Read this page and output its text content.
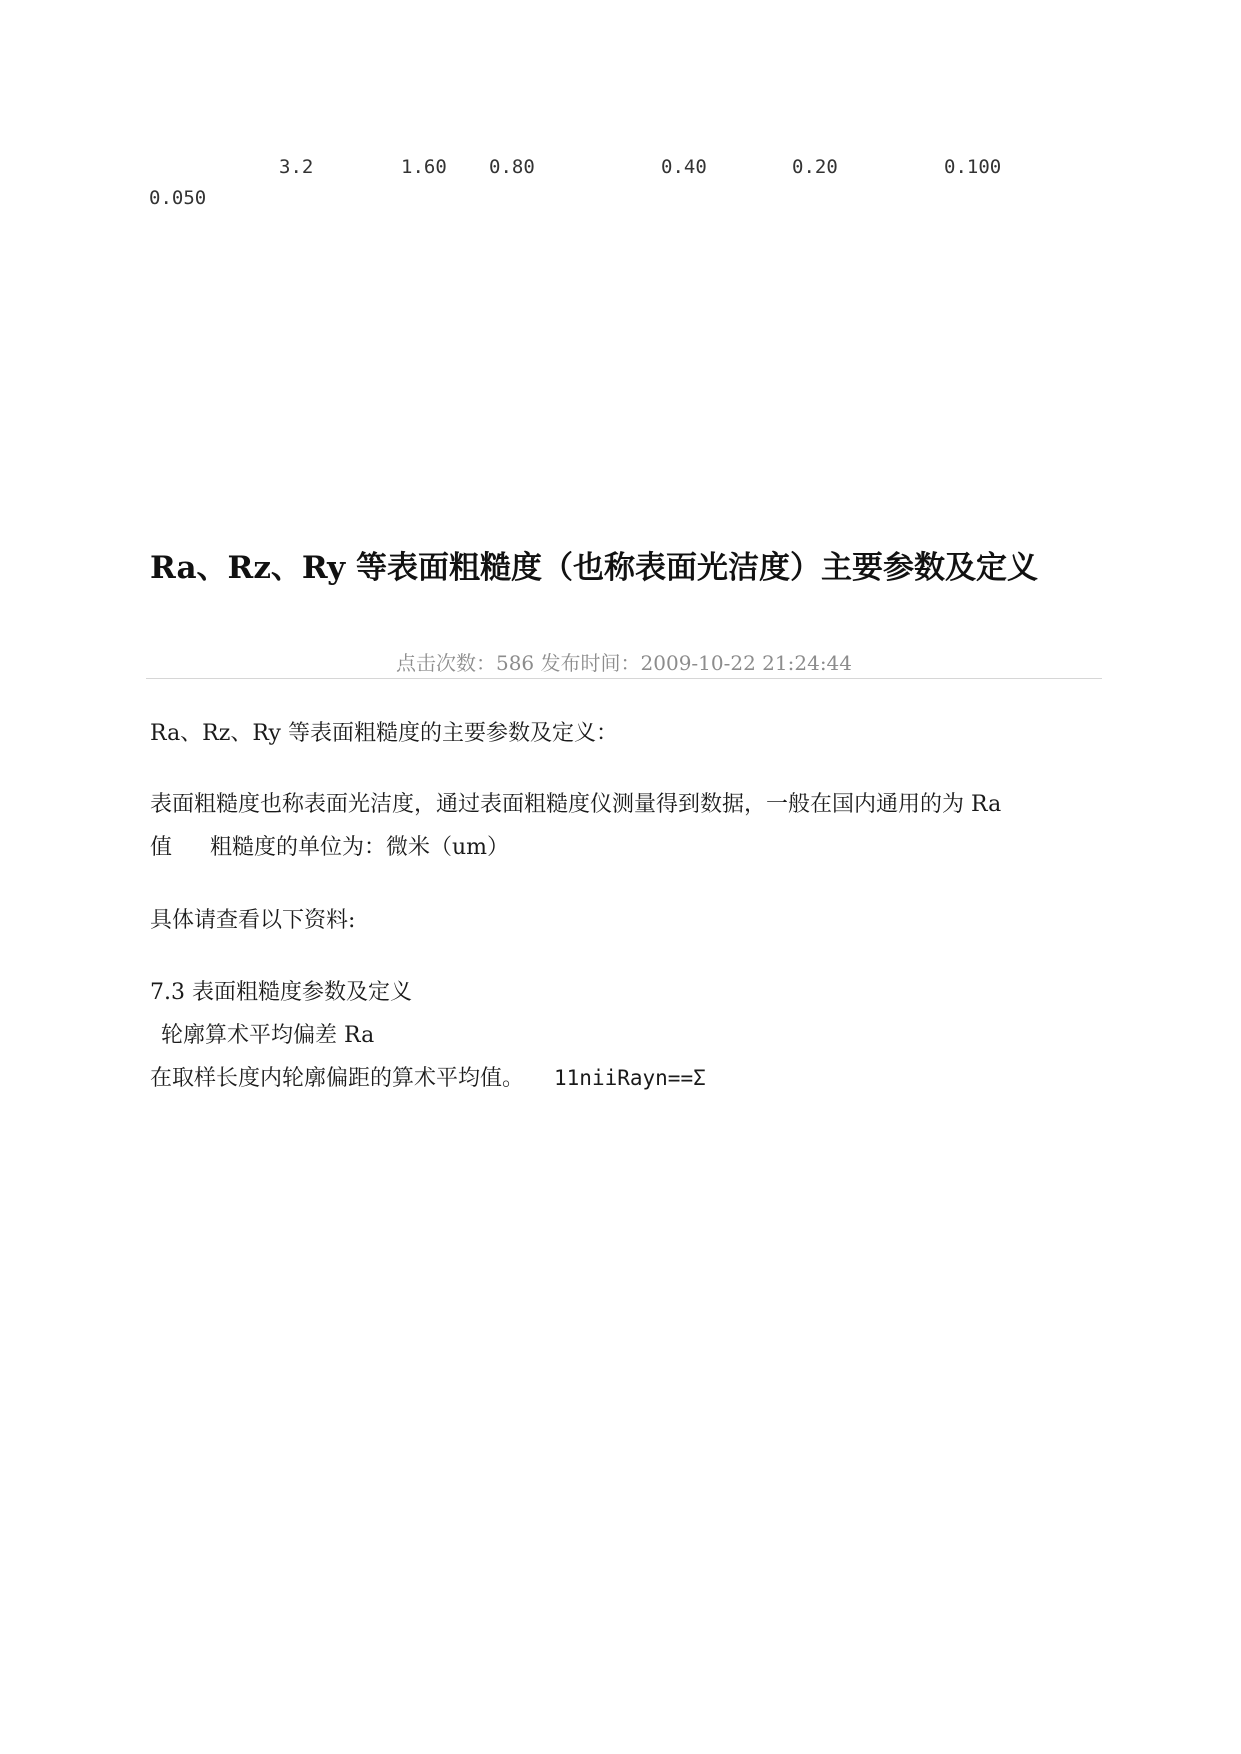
3.2	1.60 0.80	0.40	0.20	0.100
0.050
Ra、Rz、Ry 等表面粗糙度（也称表面光洁度）主要参数及定义
点击次数：586 发布时间：2009-10-22 21:24:44
Ra、Rz、Ry 等表面粗糙度的主要参数及定义：
表面粗糙度也称表面光洁度，通过表面粗糙度仪测量得到数据，一般在国内通用的为 Ra
值 粗糙度的单位为：微米（um）
具体请查看以下资料:
7.3 表面粗糙度参数及定义
轮廓算术平均偏差 Ra
在取样长度内轮廓偏距的算术平均值。 11niiRayn==Σ
